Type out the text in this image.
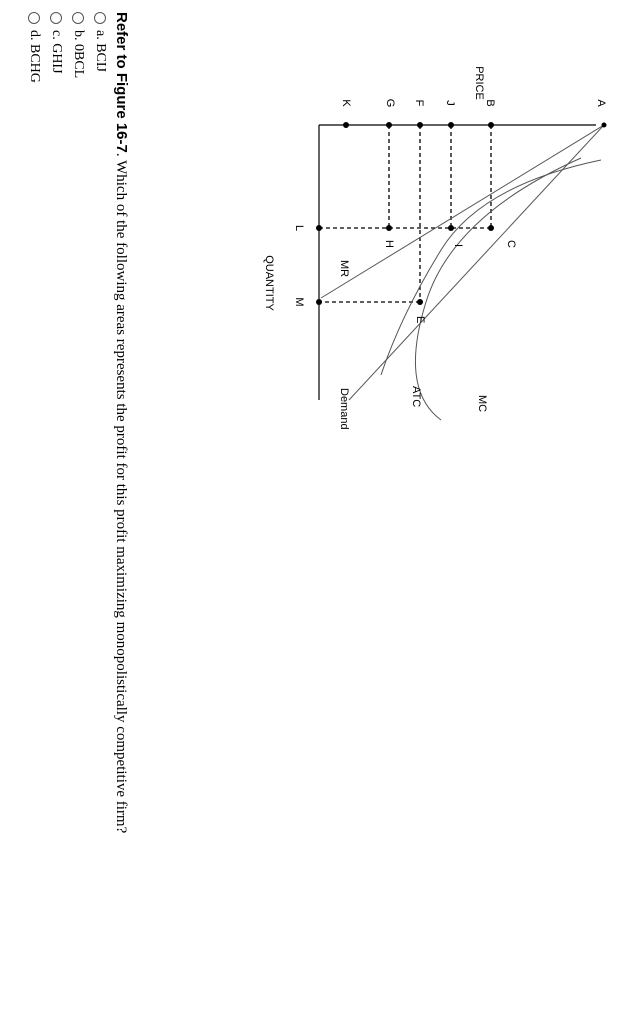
PRICE
QUANTITY
A
B
J
F
G
K
L
M
C
I
H
E
MC
ATC
MR
Demand
Refer to Figure 16-7. Which of the following areas represents the profit for this profit maximizing monopolistically competitive firm?
a. BCIJ
b. 0BCL
c. GHIJ
d. BCHG
